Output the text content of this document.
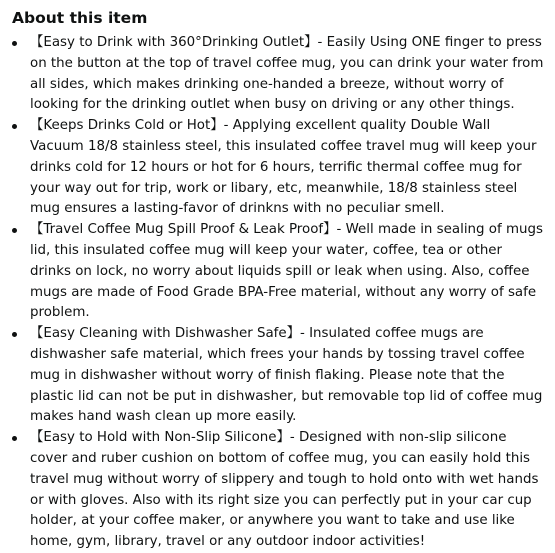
About this item
【Easy to Drink with 360°Drinking Outlet】- Easily Using ONE finger to press on the button at the top of travel coffee mug, you can drink your water from all sides, which makes drinking one-handed a breeze, without worry of looking for the drinking outlet when busy on driving or any other things.
【Keeps Drinks Cold or Hot】- Applying excellent quality Double Wall Vacuum 18/8 stainless steel, this insulated coffee travel mug will keep your drinks cold for 12 hours or hot for 6 hours, terrific thermal coffee mug for your way out for trip, work or libary, etc, meanwhile, 18/8 stainless steel mug ensures a lasting-favor of drinkns with no peculiar smell.
【Travel Coffee Mug Spill Proof & Leak Proof】- Well made in sealing of mugs lid, this insulated coffee mug will keep your water, coffee, tea or other drinks on lock, no worry about liquids spill or leak when using. Also, coffee mugs are made of Food Grade BPA-Free material, without any worry of safe problem.
【Easy Cleaning with Dishwasher Safe】- Insulated coffee mugs are dishwasher safe material, which frees your hands by tossing travel coffee mug in dishwasher without worry of finish flaking. Please note that the plastic lid can not be put in dishwasher, but removable top lid of coffee mug makes hand wash clean up more easily.
【Easy to Hold with Non-Slip Silicone】- Designed with non-slip silicone cover and ruber cushion on bottom of coffee mug, you can easily hold this travel mug without worry of slippery and tough to hold onto with wet hands or with gloves. Also with its right size you can perfectly put in your car cup holder, at your coffee maker, or anywhere you want to take and use like home, gym, library, travel or any outdoor indoor activities!
